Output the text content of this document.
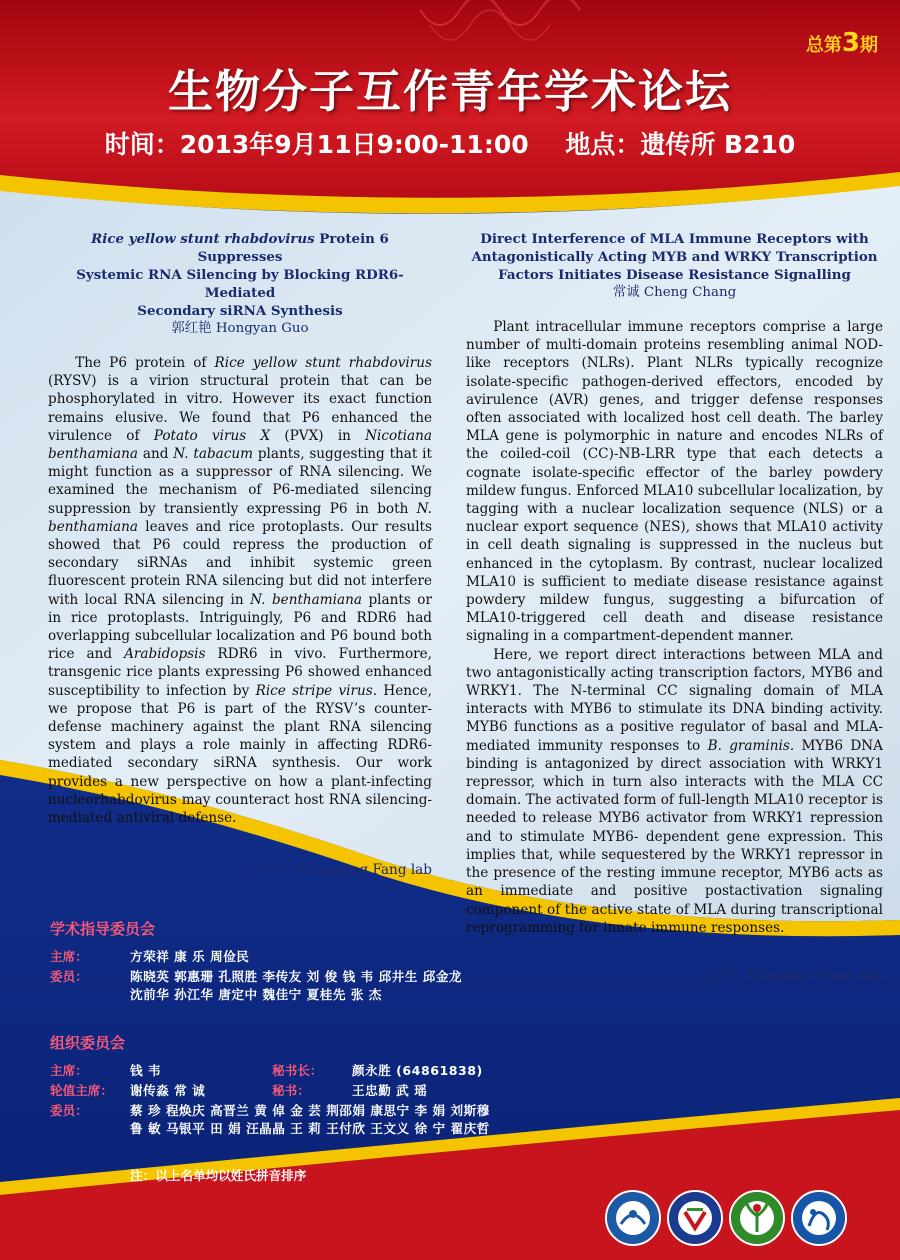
总第3期
生物分子互作青年学术论坛
时间：2013年9月11日9:00-11:00 地点：遗传所 B210
Rice yellow stunt rhabdovirus Protein 6 Suppresses
Systemic RNA Silencing by Blocking RDR6-Mediated
Secondary siRNA Synthesis
郭红艳 Hongyan Guo

The P6 protein of Rice yellow stunt rhabdovirus (RYSV) is a virion structural protein that can be phosphorylated in vitro. However its exact function remains elusive. We found that P6 enhanced the virulence of Potato virus X (PVX) in Nicotiana benthamiana and N. tabacum plants, suggesting that it might function as a suppressor of RNA silencing. We examined the mechanism of P6-mediated silencing suppression by transiently expressing P6 in both N. benthamiana leaves and rice protoplasts. Our results showed that P6 could repress the production of secondary siRNAs and inhibit systemic green fluorescent protein RNA silencing but did not interfere with local RNA silencing in N. benthamiana plants or in rice protoplasts. Intriguingly, P6 and RDR6 had overlapping subcellular localization and P6 bound both rice and Arabidopsis RDR6 in vivo. Furthermore, transgenic rice plants expressing P6 showed enhanced susceptibility to infection by Rice stripe virus. Hence, we propose that P6 is part of the RYSV’s counter-defense machinery against the plant RNA silencing system and plays a role mainly in affecting RDR6-mediated secondary siRNA synthesis. Our work provides a new perspective on how a plant-infecting nucleorhabdovirus may counteract host RNA silencing-mediated antiviral defense.

方荣祥 Rongxiang Fang lab
Direct Interference of MLA Immune Receptors with
Antagonistically Acting MYB and WRKY Transcription
Factors Initiates Disease Resistance Signalling
常诚 Cheng Chang

Plant intracellular immune receptors comprise a large number of multi-domain proteins resembling animal NOD-like receptors (NLRs). Plant NLRs typically recognize isolate-specific pathogen-derived effectors, encoded by avirulence (AVR) genes, and trigger defense responses often associated with localized host cell death. The barley MLA gene is polymorphic in nature and encodes NLRs of the coiled-coil (CC)-NB-LRR type that each detects a cognate isolate-specific effector of the barley powdery mildew fungus. Enforced MLA10 subcellular localization, by tagging with a nuclear localization sequence (NLS) or a nuclear export sequence (NES), shows that MLA10 activity in cell death signaling is suppressed in the nucleus but enhanced in the cytoplasm. By contrast, nuclear localized MLA10 is sufficient to mediate disease resistance against powdery mildew fungus, suggesting a bifurcation of MLA10-triggered cell death and disease resistance signaling in a compartment-dependent manner.

Here, we report direct interactions between MLA and two antagonistically acting transcription factors, MYB6 and WRKY1. The N-terminal CC signaling domain of MLA interacts with MYB6 to stimulate its DNA binding activity. MYB6 functions as a positive regulator of basal and MLA-mediated immunity responses to B. graminis. MYB6 DNA binding is antagonized by direct association with WRKY1 repressor, which in turn also interacts with the MLA CC domain. The activated form of full-length MLA10 receptor is needed to release MYB6 activator from WRKY1 repression and to stimulate MYB6- dependent gene expression. This implies that, while sequestered by the WRKY1 repressor in the presence of the resting immune receptor, MYB6 acts as an immediate and positive postactivation signaling component of the active state of MLA during transcriptional reprogramming for innate immune responses.

沈前华 Qianhua Shen lab
学术指导委员会
主席：	方荣祥 康 乐 周俭民
委员：	陈晓英 郭惠珊 孔照胜 李传友 刘 俊 钱 韦 邱井生 邱金龙
沈前华 孙江华 唐定中 魏佳宁 夏桂先 张 杰
组织委员会
主席：	钱 韦	秘书长： 颜永胜 (64861838)
轮值主席： 谢传淼 常 诚	秘书：	王忠勤 武 瑶
委员：	蔡 珍 程焕庆 高晋兰 黄 倬 金 芸 荆邵娟 康思宁 李 娟 刘斯穆
鲁 敏 马银平 田 娟 汪晶晶 王 莉 王付欣 王文义 徐 宁 翟庆哲
注：以上名单均以姓氏拼音排序
